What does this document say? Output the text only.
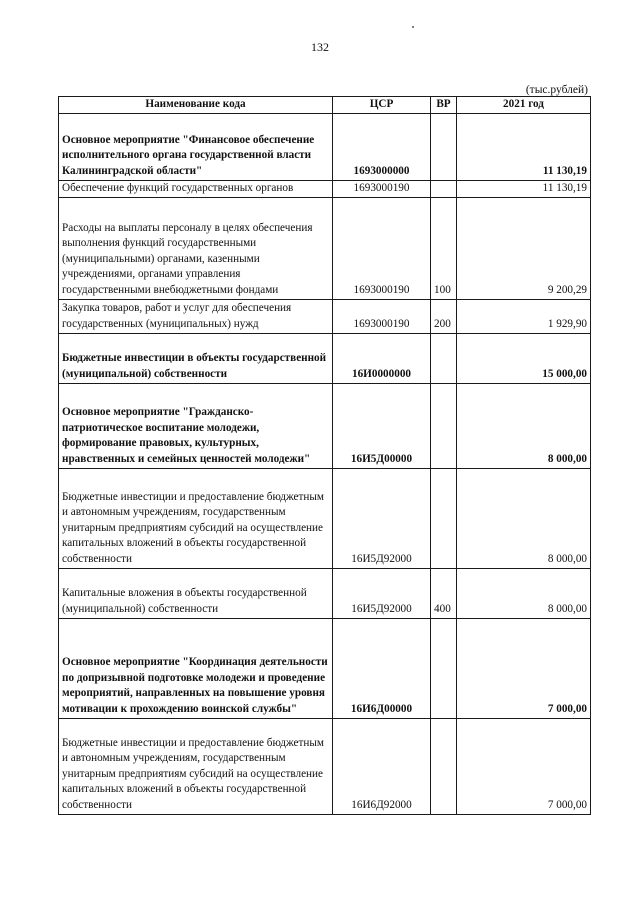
132
(тыс.рублей)
Наименование кода	ЦСР	ВР	2021 год
Основное мероприятие "Финансовое обеспечение исполнительного органа государственной власти Калининградской области"	1693000000		11 130,19
Обеспечение функций государственных органов	1693000190		11 130,19
Расходы на выплаты персоналу в целях обеспечения выполнения функций государственными (муниципальными) органами, казенными учреждениями, органами управления государственными внебюджетными фондами	1693000190	100	9 200,29
Закупка товаров, работ и услуг для обеспечения государственных (муниципальных) нужд	1693000190	200	1 929,90
Бюджетные инвестиции в объекты государственной (муниципальной) собственности	16И0000000		15 000,00
Основное мероприятие "Гражданско-патриотическое воспитание молодежи, формирование правовых, культурных, нравственных и семейных ценностей молодежи"	16И5Д00000		8 000,00
Бюджетные инвестиции и предоставление бюджетным и автономным учреждениям, государственным унитарным предприятиям субсидий на осуществление капитальных вложений в объекты государственной собственности	16И5Д92000		8 000,00
Капитальные вложения в объекты государственной (муниципальной) собственности	16И5Д92000	400	8 000,00
Основное мероприятие "Координация деятельности по допризывной подготовке молодежи и проведение мероприятий, направленных на повышение уровня мотивации к прохождению воинской службы"	16И6Д00000		7 000,00
Бюджетные инвестиции и предоставление бюджетным и автономным учреждениям, государственным унитарным предприятиям субсидий на осуществление капитальных вложений в объекты государственной собственности	16И6Д92000		7 000,00
